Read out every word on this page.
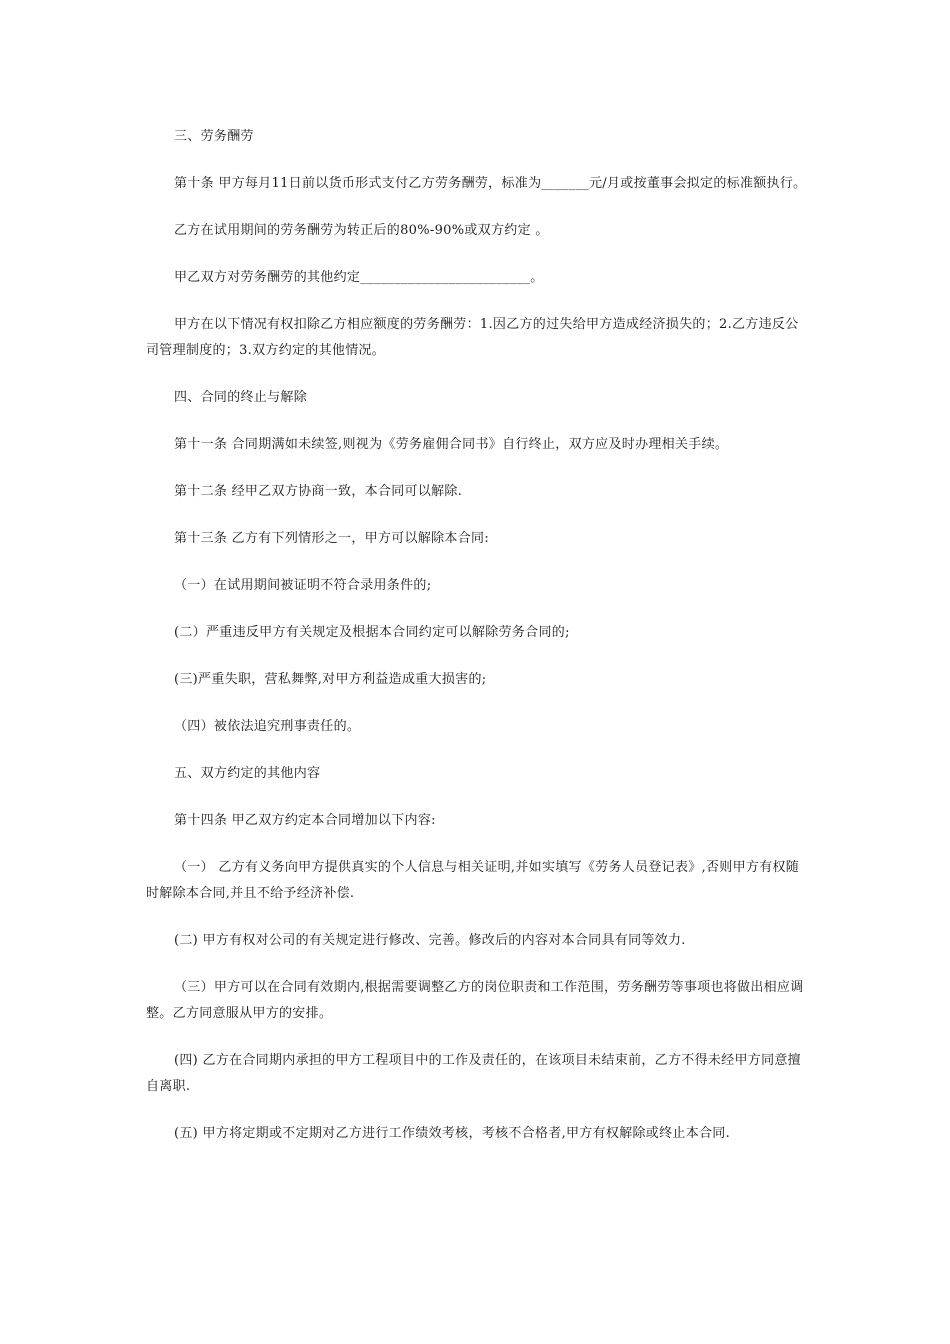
三、劳务酬劳

第十条 甲方每月11日前以货币形式支付乙方劳务酬劳，标准为_______元/月或按董事会拟定的标准额执行。

乙方在试用期间的劳务酬劳为转正后的80%-90%或双方约定 。

甲乙双方对劳务酬劳的其他约定_________________________。

甲方在以下情况有权扣除乙方相应额度的劳务酬劳：1.因乙方的过失给甲方造成经济损失的；2.乙方违反公司管理制度的；3.双方约定的其他情况。

四、合同的终止与解除

第十一条 合同期满如未续签,则视为《劳务雇佣合同书》自行终止，双方应及时办理相关手续。

第十二条 经甲乙双方协商一致，本合同可以解除.

第十三条 乙方有下列情形之一，甲方可以解除本合同:

（一）在试用期间被证明不符合录用条件的;

(二）严重违反甲方有关规定及根据本合同约定可以解除劳务合同的;

(三)严重失职，营私舞弊,对甲方利益造成重大损害的;

（四）被依法追究刑事责任的。

五、双方约定的其他内容

第十四条 甲乙双方约定本合同增加以下内容:

（一） 乙方有义务向甲方提供真实的个人信息与相关证明,并如实填写《劳务人员登记表》,否则甲方有权随时解除本合同,并且不给予经济补偿.

(二) 甲方有权对公司的有关规定进行修改、完善。修改后的内容对本合同具有同等效力.

（三）甲方可以在合同有效期内,根据需要调整乙方的岗位职责和工作范围，劳务酬劳等事项也将做出相应调整。乙方同意服从甲方的安排。

(四) 乙方在合同期内承担的甲方工程项目中的工作及责任的，在该项目未结束前，乙方不得未经甲方同意擅自离职.

(五) 甲方将定期或不定期对乙方进行工作绩效考核，考核不合格者,甲方有权解除或终止本合同.
